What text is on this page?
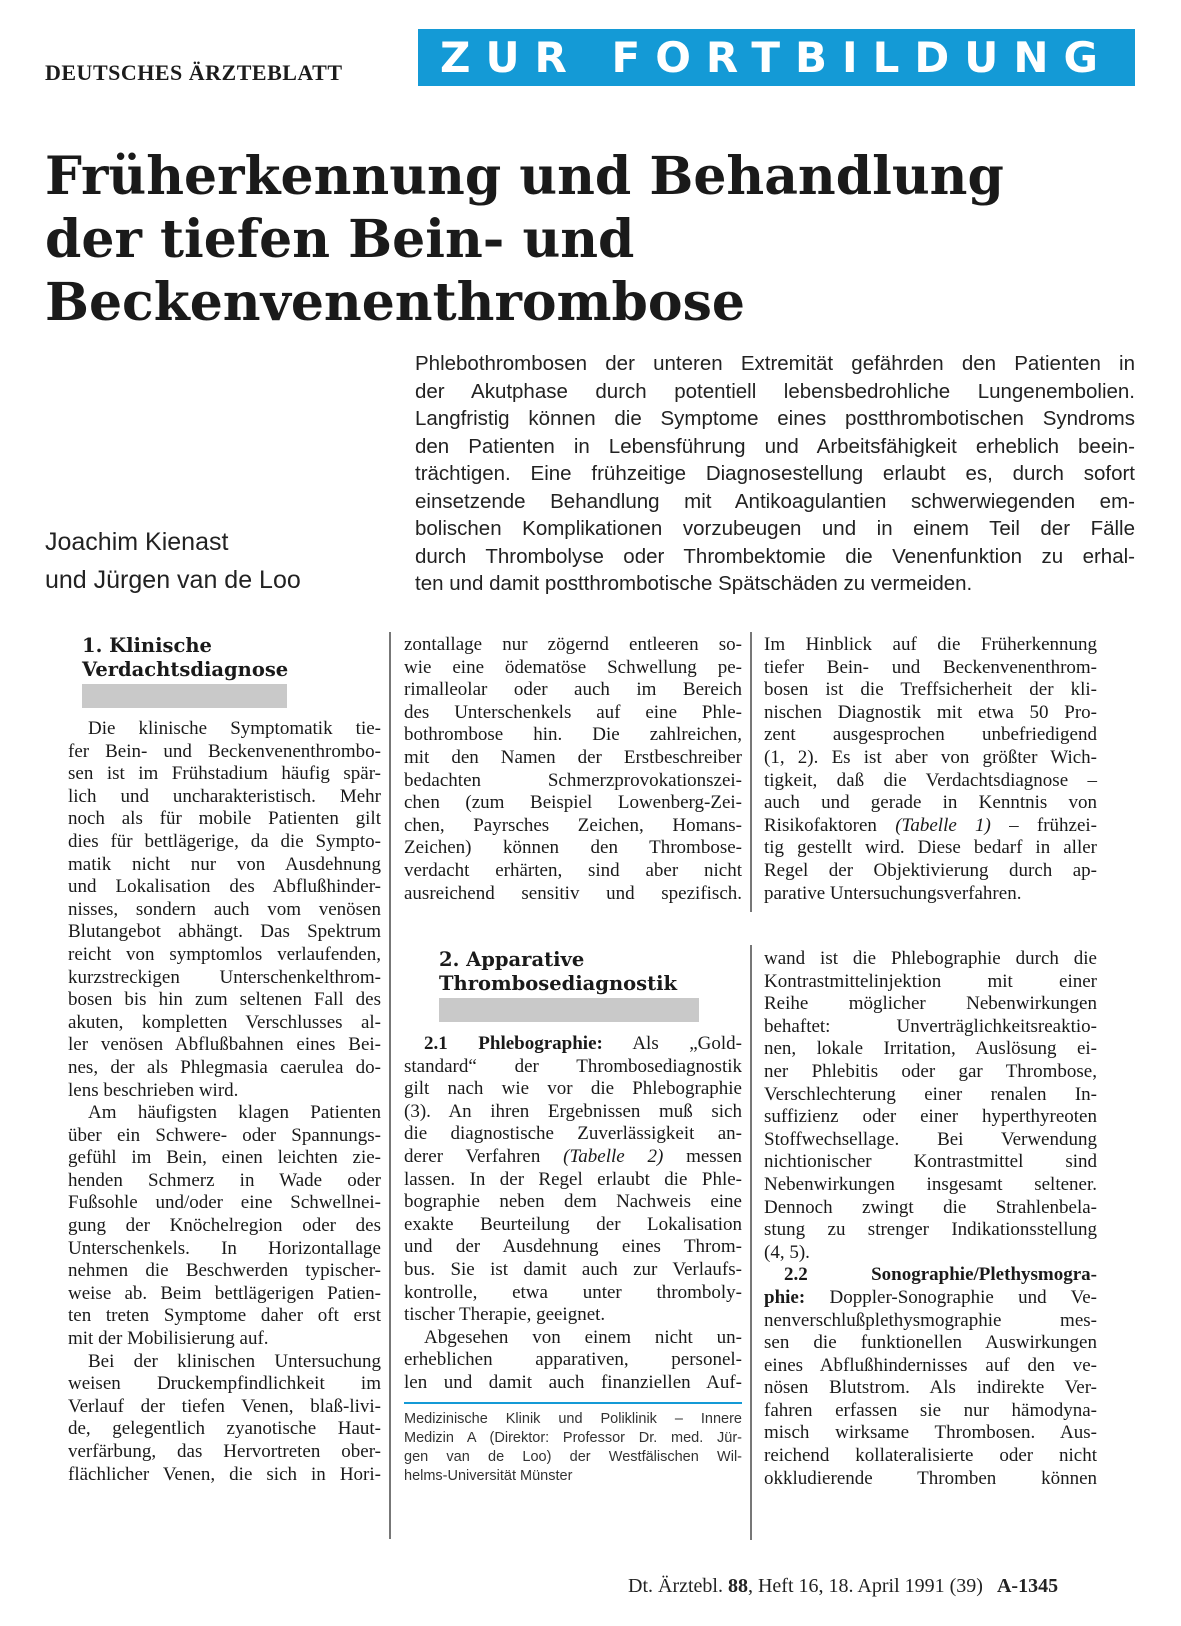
DEUTSCHES ÄRZTEBLATT	ZUR FORTBILDUNG
Früherkennung und Behandlung
der tiefen Bein- und
Beckenvenenthrombose
Joachim Kienast
und Jürgen van de Loo
Phlebothrombosen der unteren Extremität gefährden den Patienten in
der Akutphase durch potentiell lebensbedrohliche Lungenembolien.
Langfristig können die Symptome eines postthrombotischen Syndroms
den Patienten in Lebensführung und Arbeitsfähigkeit erheblich beein-
trächtigen. Eine frühzeitige Diagnosestellung erlaubt es, durch sofort
einsetzende Behandlung mit Antikoagulantien schwerwiegenden em-
bolischen Komplikationen vorzubeugen und in einem Teil der Fälle
durch Thrombolyse oder Thrombektomie die Venenfunktion zu erhal-
ten und damit postthrombotische Spätschäden zu vermeiden.
1. Klinische
Verdachtsdiagnose
Die klinische Symptomatik tie-
fer Bein- und Beckenvenenthrombo-
sen ist im Frühstadium häufig spär-
lich und uncharakteristisch. Mehr
noch als für mobile Patienten gilt
dies für bettlägerige, da die Sympto-
matik nicht nur von Ausdehnung
und Lokalisation des Abflußhinder-
nisses, sondern auch vom venösen
Blutangebot abhängt. Das Spektrum
reicht von symptomlos verlaufenden,
kurzstreckigen Unterschenkelthrom-
bosen bis hin zum seltenen Fall des
akuten, kompletten Verschlusses al-
ler venösen Abflußbahnen eines Bei-
nes, der als Phlegmasia caerulea do-
lens beschrieben wird.
Am häufigsten klagen Patienten
über ein Schwere- oder Spannungs-
gefühl im Bein, einen leichten zie-
henden Schmerz in Wade oder
Fußsohle und/oder eine Schwellnei-
gung der Knöchelregion oder des
Unterschenkels. In Horizontallage
nehmen die Beschwerden typischer-
weise ab. Beim bettlägerigen Patien-
ten treten Symptome daher oft erst
mit der Mobilisierung auf.
Bei der klinischen Untersuchung
weisen Druckempfindlichkeit im
Verlauf der tiefen Venen, blaß-livi-
de, gelegentlich zyanotische Haut-
verfärbung, das Hervortreten ober-
flächlicher Venen, die sich in Hori-
zontallage nur zögernd entleeren so-
wie eine ödematöse Schwellung pe-
rimalleolar oder auch im Bereich
des Unterschenkels auf eine Phle-
bothrombose hin. Die zahlreichen,
mit den Namen der Erstbeschreiber
bedachten Schmerzprovokationszei-
chen (zum Beispiel Lowenberg-Zei-
chen, Payrsches Zeichen, Homans-
Zeichen) können den Thrombose-
verdacht erhärten, sind aber nicht
ausreichend sensitiv und spezifisch.
Im Hinblick auf die Früherkennung
tiefer Bein- und Beckenvenenthrom-
bosen ist die Treffsicherheit der kli-
nischen Diagnostik mit etwa 50 Pro-
zent ausgesprochen unbefriedigend
(1, 2). Es ist aber von größter Wich-
tigkeit, daß die Verdachtsdiagnose –
auch und gerade in Kenntnis von
Risikofaktoren (Tabelle 1) – frühzei-
tig gestellt wird. Diese bedarf in aller
Regel der Objektivierung durch ap-
parative Untersuchungsverfahren.
2. Apparative
Thrombosediagnostik
2.1 Phlebographie: Als „Gold-
standard“ der Thrombosediagnostik
gilt nach wie vor die Phlebographie
(3). An ihren Ergebnissen muß sich
die diagnostische Zuverlässigkeit an-
derer Verfahren (Tabelle 2) messen
lassen. In der Regel erlaubt die Phle-
bographie neben dem Nachweis eine
exakte Beurteilung der Lokalisation
und der Ausdehnung eines Throm-
bus. Sie ist damit auch zur Verlaufs-
kontrolle, etwa unter thromboly-
tischer Therapie, geeignet.
Abgesehen von einem nicht un-
erheblichen apparativen, personel-
len und damit auch finanziellen Auf-
wand ist die Phlebographie durch die
Kontrastmittelinjektion mit einer
Reihe möglicher Nebenwirkungen
behaftet: Unverträglichkeitsreaktio-
nen, lokale Irritation, Auslösung ei-
ner Phlebitis oder gar Thrombose,
Verschlechterung einer renalen In-
suffizienz oder einer hyperthyreoten
Stoffwechsellage. Bei Verwendung
nichtionischer Kontrastmittel sind
Nebenwirkungen insgesamt seltener.
Dennoch zwingt die Strahlenbela-
stung zu strenger Indikationsstellung
(4, 5).
2.2 Sonographie/Plethysmogra-
phie: Doppler-Sonographie und Ve-
nenverschlußplethysmographie mes-
sen die funktionellen Auswirkungen
eines Abflußhindernisses auf den ve-
nösen Blutstrom. Als indirekte Ver-
fahren erfassen sie nur hämodyna-
misch wirksame Thrombosen. Aus-
reichend kollateralisierte oder nicht
okkludierende Thromben können
Medizinische Klinik und Poliklinik – Innere
Medizin A (Direktor: Professor Dr. med. Jür-
gen van de Loo) der Westfälischen Wil-
helms-Universität Münster
Dt. Ärztebl. 88, Heft 16, 18. April 1991 (39) A-1345
